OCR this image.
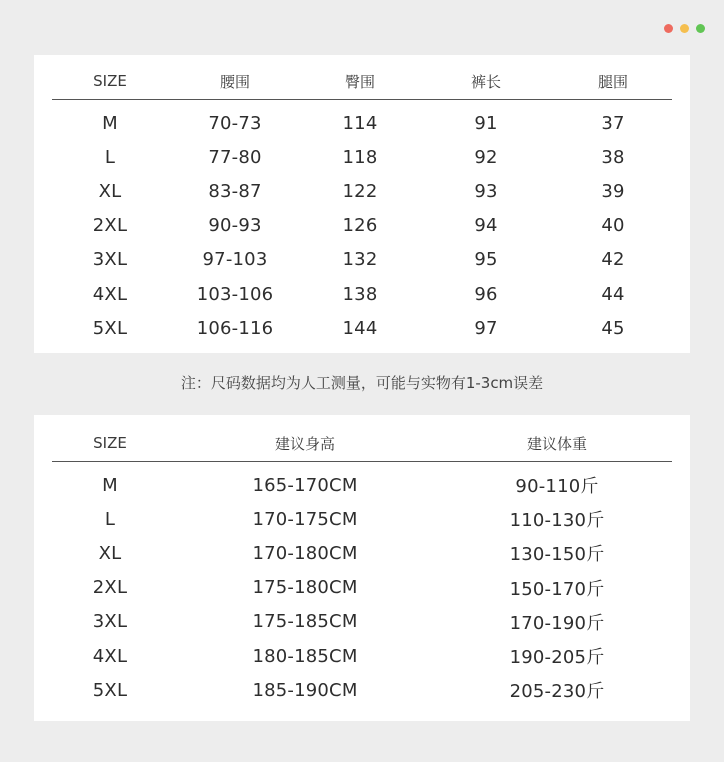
SIZE	腰围	臀围	裤长	腿围
M	70-73	114	91	37
L	77-80	118	92	38
XL	83-87	122	93	39
2XL	90-93	126	94	40
3XL	97-103	132	95	42
4XL	103-106	138	96	44
5XL	106-116	144	97	45
注：尺码数据均为人工测量，可能与实物有1-3cm误差
SIZE	建议身高	建议体重
M	165-170CM	90-110斤
L	170-175CM	110-130斤
XL	170-180CM	130-150斤
2XL	175-180CM	150-170斤
3XL	175-185CM	170-190斤
4XL	180-185CM	190-205斤
5XL	185-190CM	205-230斤
